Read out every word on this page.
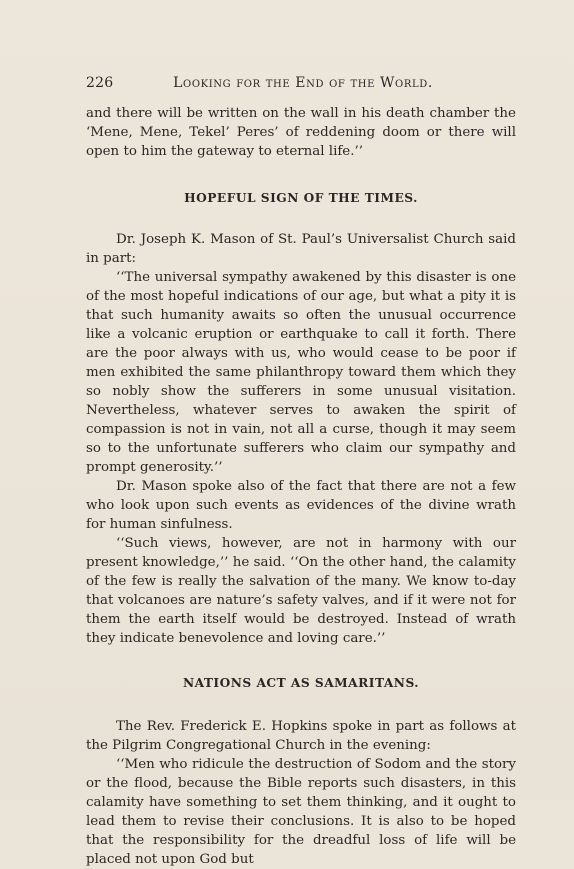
226	Looking for the End of the World.

and there will be written on the wall in his death chamber the ‘Mene, Mene, Tekel’ Peres’ of reddening doom or there will open to him the gateway to eternal life.’’

HOPEFUL SIGN OF THE TIMES.

Dr. Joseph K. Mason of St. Paul’s Universalist Church said in part:

‘‘The universal sympathy awakened by this disaster is one of the most hopeful indications of our age, but what a pity it is that such humanity awaits so often the unusual occurrence like a volcanic eruption or earthquake to call it forth. There are the poor always with us, who would cease to be poor if men exhibited the same philanthropy toward them which they so nobly show the sufferers in some unusual visitation. Nevertheless, whatever serves to awaken the spirit of compassion is not in vain, not all a curse, though it may seem so to the unfortunate sufferers who claim our sympathy and prompt generosity.’’

Dr. Mason spoke also of the fact that there are not a few who look upon such events as evidences of the divine wrath for human sinfulness.

‘‘Such views, however, are not in harmony with our present knowledge,’’ he said. ‘‘On the other hand, the calamity of the few is really the salvation of the many. We know to-day that volcanoes are nature’s safety valves, and if it were not for them the earth itself would be destroyed. Instead of wrath they indicate benevolence and loving care.’’

NATIONS ACT AS SAMARITANS.

The Rev. Frederick E. Hopkins spoke in part as follows at the Pilgrim Congregational Church in the evening:

‘‘Men who ridicule the destruction of Sodom and the story or the flood, because the Bible reports such disasters, in this calamity have something to set them thinking, and it ought to lead them to revise their conclusions. It is also to be hoped that the responsibility for the dreadful loss of life will be placed not upon God but
